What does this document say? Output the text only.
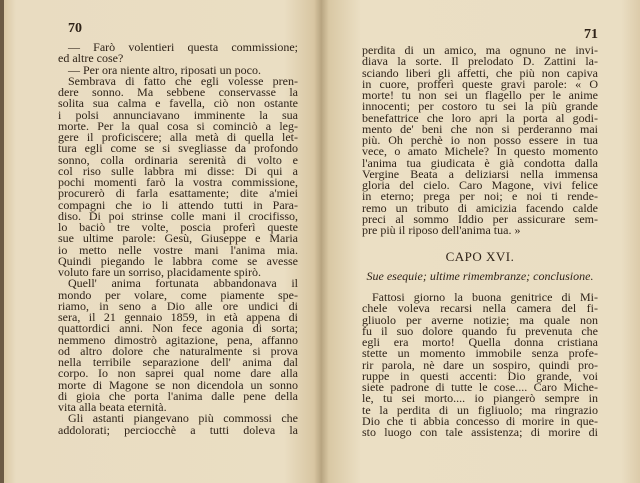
70
— Farò volentieri questa commissione;
ed altre cose?
— Per ora niente altro, riposati un poco.
Sembrava di fatto che egli volesse pren-
dere sonno. Ma sebbene conservasse la
solita sua calma e favella, ciò non ostante
i polsi annunciavano imminente la sua
morte. Per la qual cosa si cominciò a leg-
gere il proficiscere; alla metà di quella let-
tura egli come se si svegliasse da profondo
sonno, colla ordinaria serenità di volto e
col riso sulle labbra mi disse: Di qui a
pochi momenti farò la vostra commissione,
procurerò di farla esattamente; dite a'miei
compagni che io li attendo tutti in Para-
diso. Di poi strinse colle mani il crocifisso,
lo baciò tre volte, poscia proferì queste
sue ultime parole: Gesù, Giuseppe e Maria
io metto nelle vostre mani l'anima mia.
Quindi piegando le labbra come se avesse
voluto fare un sorriso, placidamente spirò.
Quell' anima fortunata abbandonava il
mondo per volare, come piamente spe-
riamo, in seno a Dio alle ore undici di
sera, il 21 gennaio 1859, in età appena di
quattordici anni. Non fece agonia di sorta;
nemmeno dimostrò agitazione, pena, affanno
od altro dolore che naturalmente si prova
nella terribile separazione dell' anima dal
corpo. Io non saprei qual nome dare alla
morte di Magone se non dicendola un sonno
di gioia che porta l'anima dalle pene della
vita alla beata eternità.
Gli astanti piangevano più commossi che
addolorati; perciocchè a tutti doleva la
71
perdita di un amico, ma ognuno ne invi-
diava la sorte. Il prelodato D. Zattini la-
sciando liberi gli affetti, che più non capiva
in cuore, profferì queste gravi parole: « O
morte! tu non sei un flagello per le anime
innocenti; per costoro tu sei la più grande
benefattrice che loro apri la porta al godi-
mento de' beni che non si perderanno mai
più. Oh perchè io non posso essere in tua
vece, o amato Michele? In questo momento
l'anima tua giudicata è già condotta dalla
Vergine Beata a deliziarsi nella immensa
gloria del cielo. Caro Magone, vivi felice
in eterno; prega per noi; e noi ti rende-
remo un tributo di amicizia facendo calde
preci al sommo Iddio per assicurare sem-
pre più il riposo dell'anima tua. »
CAPO XVI.
Sue esequie; ultime rimembranze; conclusione.
Fattosi giorno la buona genitrice di Mi-
chele voleva recarsi nella camera del fi-
gliuolo per averne notizie; ma quale non
fu il suo dolore quando fu prevenuta che
egli era morto! Quella donna cristiana
stette un momento immobile senza profe-
rir parola, nè dare un sospiro, quindi pro-
ruppe in questi accenti: Dio grande, voi
siete padrone di tutte le cose.... Caro Miche-
le, tu sei morto.... io piangerò sempre in
te la perdita di un figliuolo; ma ringrazio
Dio che ti abbia concesso di morire in que-
sto luogo con tale assistenza; di morire di
